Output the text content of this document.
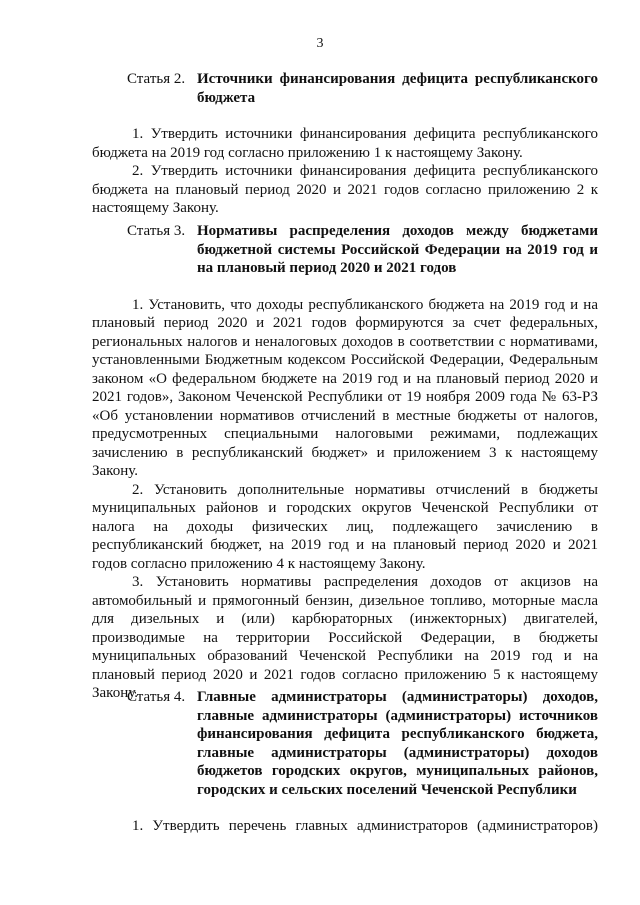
3
Статья 2. Источники финансирования дефицита республиканского бюджета

1. Утвердить источники финансирования дефицита республиканского бюджета на 2019 год согласно приложению 1 к настоящему Закону.

2. Утвердить источники финансирования дефицита республиканского бюджета на плановый период 2020 и 2021 годов согласно приложению 2 к настоящему Закону.

Статья 3. Нормативы распределения доходов между бюджетами бюджетной системы Российской Федерации на 2019 год и на плановый период 2020 и 2021 годов

1. Установить, что доходы республиканского бюджета на 2019 год и на плановый период 2020 и 2021 годов формируются за счет федеральных, региональных налогов и неналоговых доходов в соответствии с нормативами, установленными Бюджетным кодексом Российской Федерации, Федеральным законом «О федеральном бюджете на 2019 год и на плановый период 2020 и 2021 годов», Законом Чеченской Республики от 19 ноября 2009 года № 63-РЗ «Об установлении нормативов отчислений в местные бюджеты от налогов, предусмотренных специальными налоговыми режимами, подлежащих зачислению в республиканский бюджет» и приложением 3 к настоящему Закону.

2. Установить дополнительные нормативы отчислений в бюджеты муниципальных районов и городских округов Чеченской Республики от налога на доходы физических лиц, подлежащего зачислению в республиканский бюджет, на 2019 год и на плановый период 2020 и 2021 годов согласно приложению 4 к настоящему Закону.

3. Установить нормативы распределения доходов от акцизов на автомобильный и прямогонный бензин, дизельное топливо, моторные масла для дизельных и (или) карбюраторных (инжекторных) двигателей, производимые на территории Российской Федерации, в бюджеты муниципальных образований Чеченской Республики на 2019 год и на плановый период 2020 и 2021 годов согласно приложению 5 к настоящему Закону.

Статья 4. Главные администраторы (администраторы) доходов, главные администраторы (администраторы) источников финансирования дефицита республиканского бюджета, главные администраторы (администраторы) доходов бюджетов городских округов, муниципальных районов, городских и сельских поселений Чеченской Республики

1. Утвердить перечень главных администраторов (администраторов)
